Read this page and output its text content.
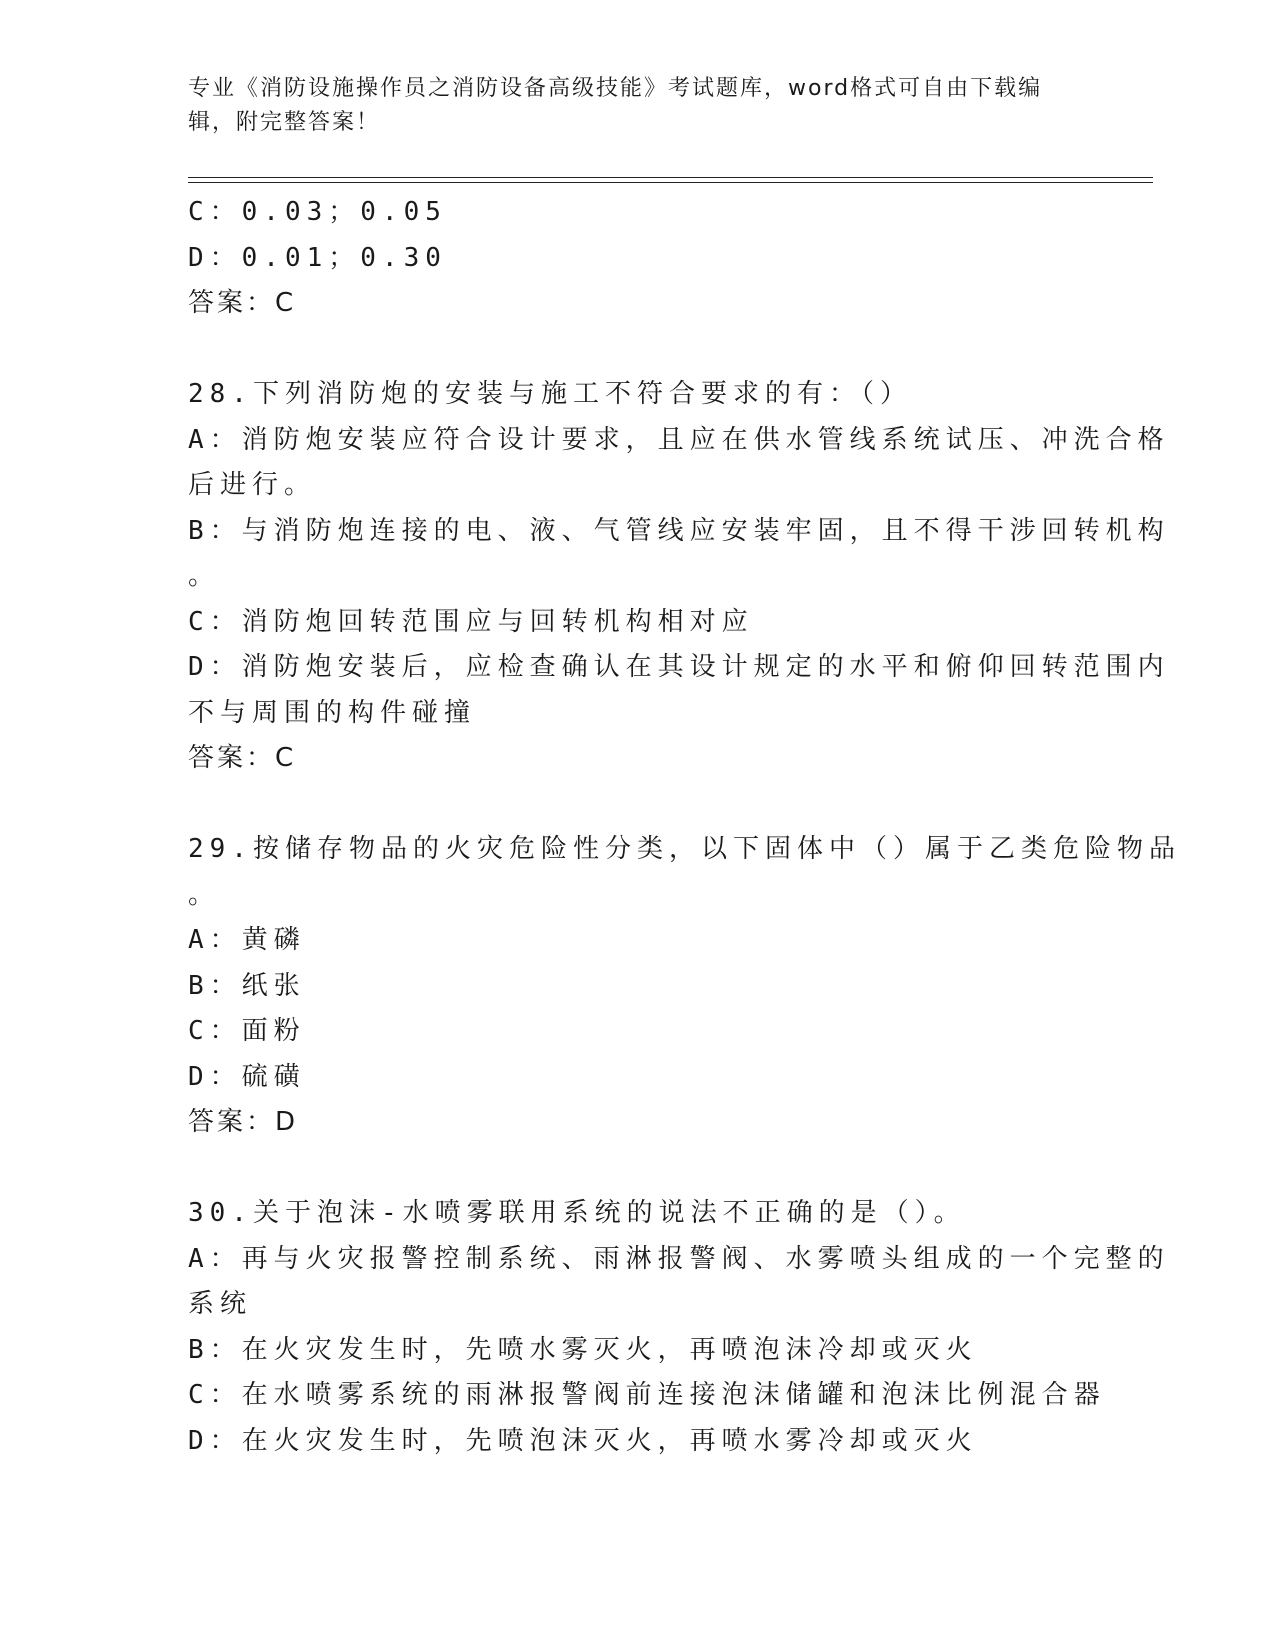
专业《消防设施操作员之消防设备高级技能》考试题库，word格式可自由下载编辑，附完整答案！
C：0.03；0.05
D：0.01；0.30
答案：C
28.下列消防炮的安装与施工不符合要求的有：（）
A：消防炮安装应符合设计要求，且应在供水管线系统试压、冲洗合格
后进行。
B：与消防炮连接的电、液、气管线应安装牢固，且不得干涉回转机构
。
C：消防炮回转范围应与回转机构相对应
D：消防炮安装后，应检查确认在其设计规定的水平和俯仰回转范围内
不与周围的构件碰撞
答案：C
29.按储存物品的火灾危险性分类，以下固体中（）属于乙类危险物品
。
A：黄磷
B：纸张
C：面粉
D：硫磺
答案：D
30.关于泡沫-水喷雾联用系统的说法不正确的是（）。
A：再与火灾报警控制系统、雨淋报警阀、水雾喷头组成的一个完整的
系统
B：在火灾发生时，先喷水雾灭火，再喷泡沫冷却或灭火
C：在水喷雾系统的雨淋报警阀前连接泡沫储罐和泡沫比例混合器
D：在火灾发生时，先喷泡沫灭火，再喷水雾冷却或灭火
